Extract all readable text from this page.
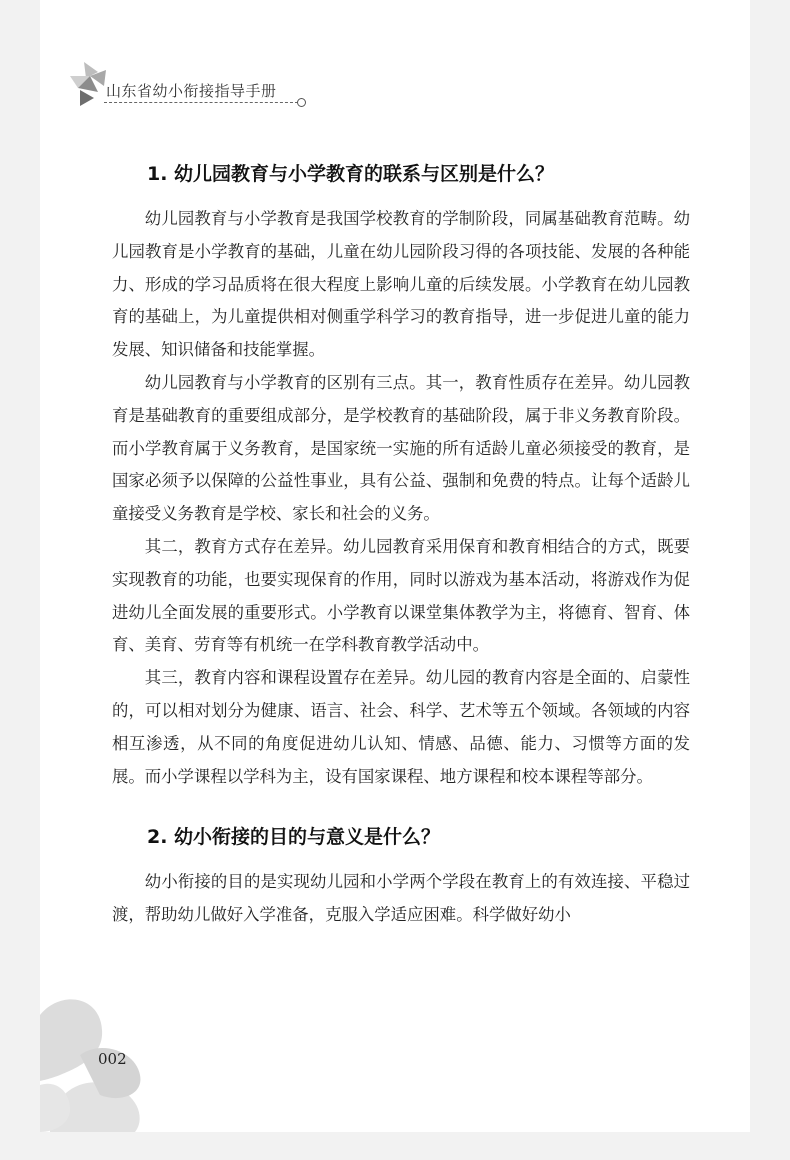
山东省幼小衔接指导手册
1. 幼儿园教育与小学教育的联系与区别是什么？

幼儿园教育与小学教育是我国学校教育的学制阶段，同属基础教育范畴。幼儿园教育是小学教育的基础，儿童在幼儿园阶段习得的各项技能、发展的各种能力、形成的学习品质将在很大程度上影响儿童的后续发展。小学教育在幼儿园教育的基础上，为儿童提供相对侧重学科学习的教育指导，进一步促进儿童的能力发展、知识储备和技能掌握。

幼儿园教育与小学教育的区别有三点。其一，教育性质存在差异。幼儿园教育是基础教育的重要组成部分，是学校教育的基础阶段，属于非义务教育阶段。而小学教育属于义务教育，是国家统一实施的所有适龄儿童必须接受的教育，是国家必须予以保障的公益性事业，具有公益、强制和免费的特点。让每个适龄儿童接受义务教育是学校、家长和社会的义务。

其二，教育方式存在差异。幼儿园教育采用保育和教育相结合的方式，既要实现教育的功能，也要实现保育的作用，同时以游戏为基本活动，将游戏作为促进幼儿全面发展的重要形式。小学教育以课堂集体教学为主，将德育、智育、体育、美育、劳育等有机统一在学科教育教学活动中。

其三，教育内容和课程设置存在差异。幼儿园的教育内容是全面的、启蒙性的，可以相对划分为健康、语言、社会、科学、艺术等五个领域。各领域的内容相互渗透，从不同的角度促进幼儿认知、情感、品德、能力、习惯等方面的发展。而小学课程以学科为主，设有国家课程、地方课程和校本课程等部分。

2. 幼小衔接的目的与意义是什么？

幼小衔接的目的是实现幼儿园和小学两个学段在教育上的有效连接、平稳过渡，帮助幼儿做好入学准备，克服入学适应困难。科学做好幼小

002
